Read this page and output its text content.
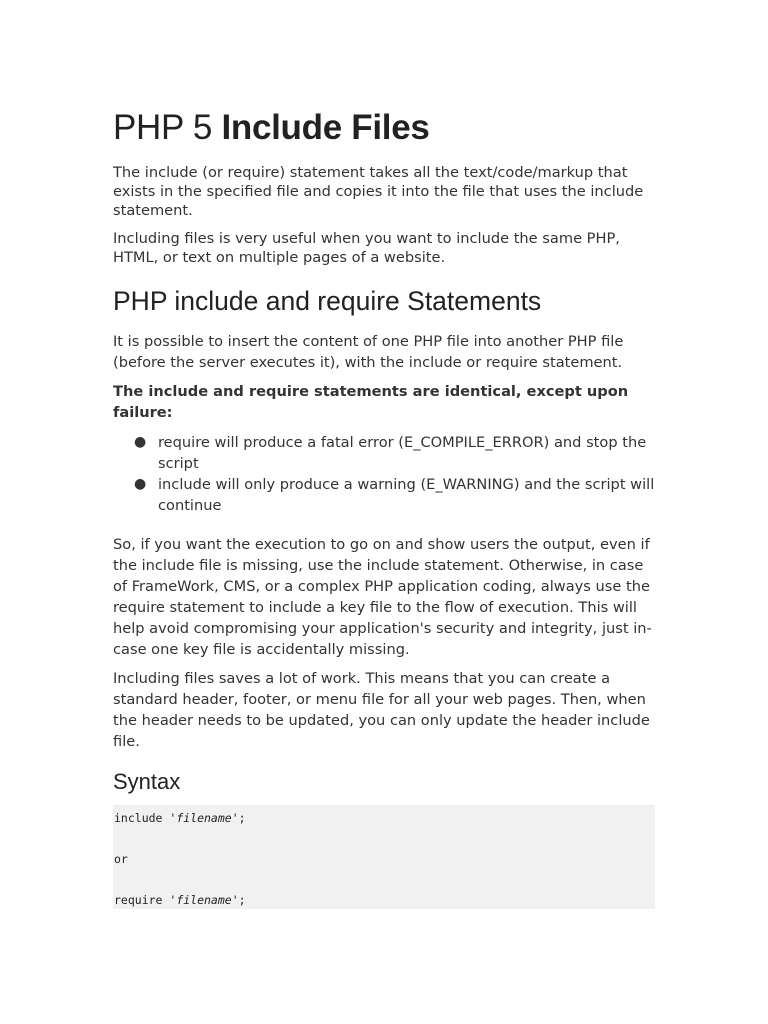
PHP 5 Include Files

The include (or require) statement takes all the text/code/markup that exists in the specified file and copies it into the file that uses the include statement.

Including files is very useful when you want to include the same PHP, HTML, or text on multiple pages of a website.

PHP include and require Statements

It is possible to insert the content of one PHP file into another PHP file (before the server executes it), with the include or require statement.

The include and require statements are identical, except upon failure:

● require will produce a fatal error (E_COMPILE_ERROR) and stop the script
● include will only produce a warning (E_WARNING) and the script will continue

So, if you want the execution to go on and show users the output, even if the include file is missing, use the include statement. Otherwise, in case of FrameWork, CMS, or a complex PHP application coding, always use the require statement to include a key file to the flow of execution. This will help avoid compromising your application's security and integrity, just in-case one key file is accidentally missing.

Including files saves a lot of work. This means that you can create a standard header, footer, or menu file for all your web pages. Then, when the header needs to be updated, you can only update the header include file.

Syntax

include 'filename';

or

require 'filename';
